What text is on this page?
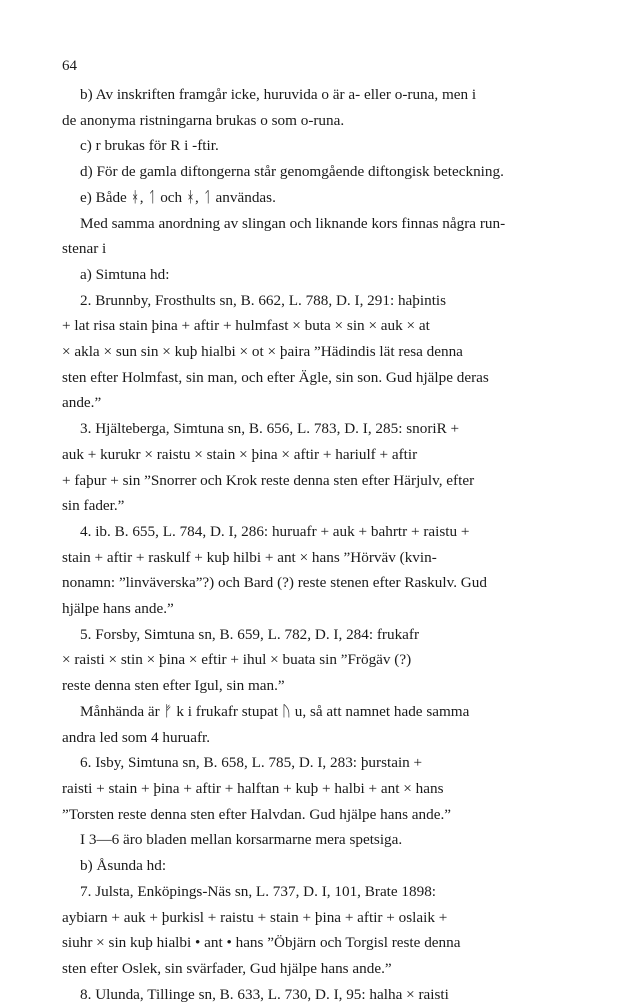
64

b) Av inskriften framgår icke, huruvida o är a- eller o-runa, men i

de anonyma ristningarna brukas o som o-runa.

c) r brukas för R i -ftir.

d) För de gamla diftongerna står genomgående diftongisk beteckning.

e) Både ᚼ, ᛐ och ᚼ, ᛐ användas.

Med samma anordning av slingan och liknande kors finnas några run-

stenar i

a) Simtuna hd:

2. Brunnby, Frosthults sn, B. 662, L. 788, D. I, 291: haþintis

+ lat risa stain þina + aftir + hulmfast × buta × sin × auk × at

× akla × sun sin × kuþ hialbi × ot × þaira ”Hädindis lät resa denna

sten efter Holmfast, sin man, och efter Ägle, sin son. Gud hjälpe deras

ande.”

3. Hjälteberga, Simtuna sn, B. 656, L. 783, D. I, 285: snoriR +

auk + kurukr × raistu × stain × þina × aftir + hariulf + aftir

+ faþur + sin ”Snorrer och Krok reste denna sten efter Härjulv, efter

sin fader.”

4. ib. B. 655, L. 784, D. I, 286: huruafr + auk + bahrtr + raistu +

stain + aftir + raskulf + kuþ hilbi + ant × hans ”Hörväv (kvin-

nonamn: ”linväverska”?) och Bard (?) reste stenen efter Raskulv. Gud

hjälpe hans ande.”

5. Forsby, Simtuna sn, B. 659, L. 782, D. I, 284: frukafr

× raisti × stin × þina × eftir + ihul × buata sin ”Frögäv (?)

reste denna sten efter Igul, sin man.”

Månhända är ᚠ k i frukafr stupat ᚢ u, så att namnet hade samma

andra led som 4 huruafr.

6. Isby, Simtuna sn, B. 658, L. 785, D. I, 283: þurstain +

raisti + stain + þina + aftir + halftan + kuþ + halbi + ant × hans

”Torsten reste denna sten efter Halvdan. Gud hjälpe hans ande.”

I 3—6 äro bladen mellan korsarmarne mera spetsiga.

b) Åsunda hd:

7. Julsta, Enköpings-Näs sn, L. 737, D. I, 101, Brate 1898:

aybiarn + auk + þurkisl + raistu + stain + þina + aftir + oslaik +

siuhr × sin kuþ hialbi • ant • hans ”Öbjärn och Torgisl reste denna

sten efter Oslek, sin svärfader, Gud hjälpe hans ande.”

8. Ulunda, Tillinge sn, B. 633, L. 730, D. I, 95: halha × raisti
